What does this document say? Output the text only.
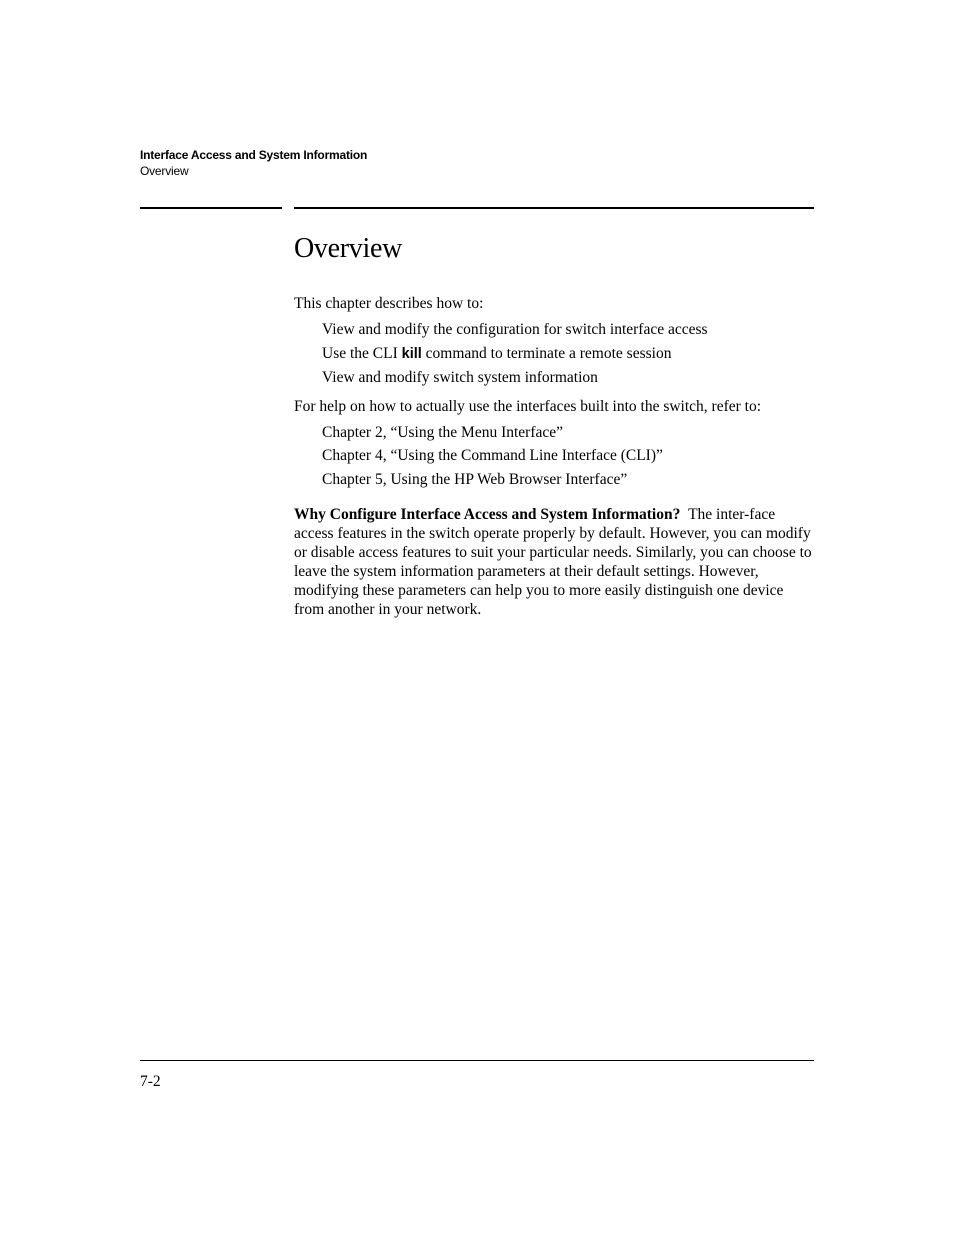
Interface Access and System Information
Overview
Overview

This chapter describes how to:

View and modify the configuration for switch interface access
Use the CLI kill command to terminate a remote session
View and modify switch system information

For help on how to actually use the interfaces built into the switch, refer to:

Chapter 2, “Using the Menu Interface”
Chapter 4, “Using the Command Line Interface (CLI)”
Chapter 5, Using the HP Web Browser Interface”

Why Configure Interface Access and System Information? The inter-face access features in the switch operate properly by default. However, you can modify or disable access features to suit your particular needs. Similarly, you can choose to leave the system information parameters at their default settings. However, modifying these parameters can help you to more easily distinguish one device from another in your network.

7-2
